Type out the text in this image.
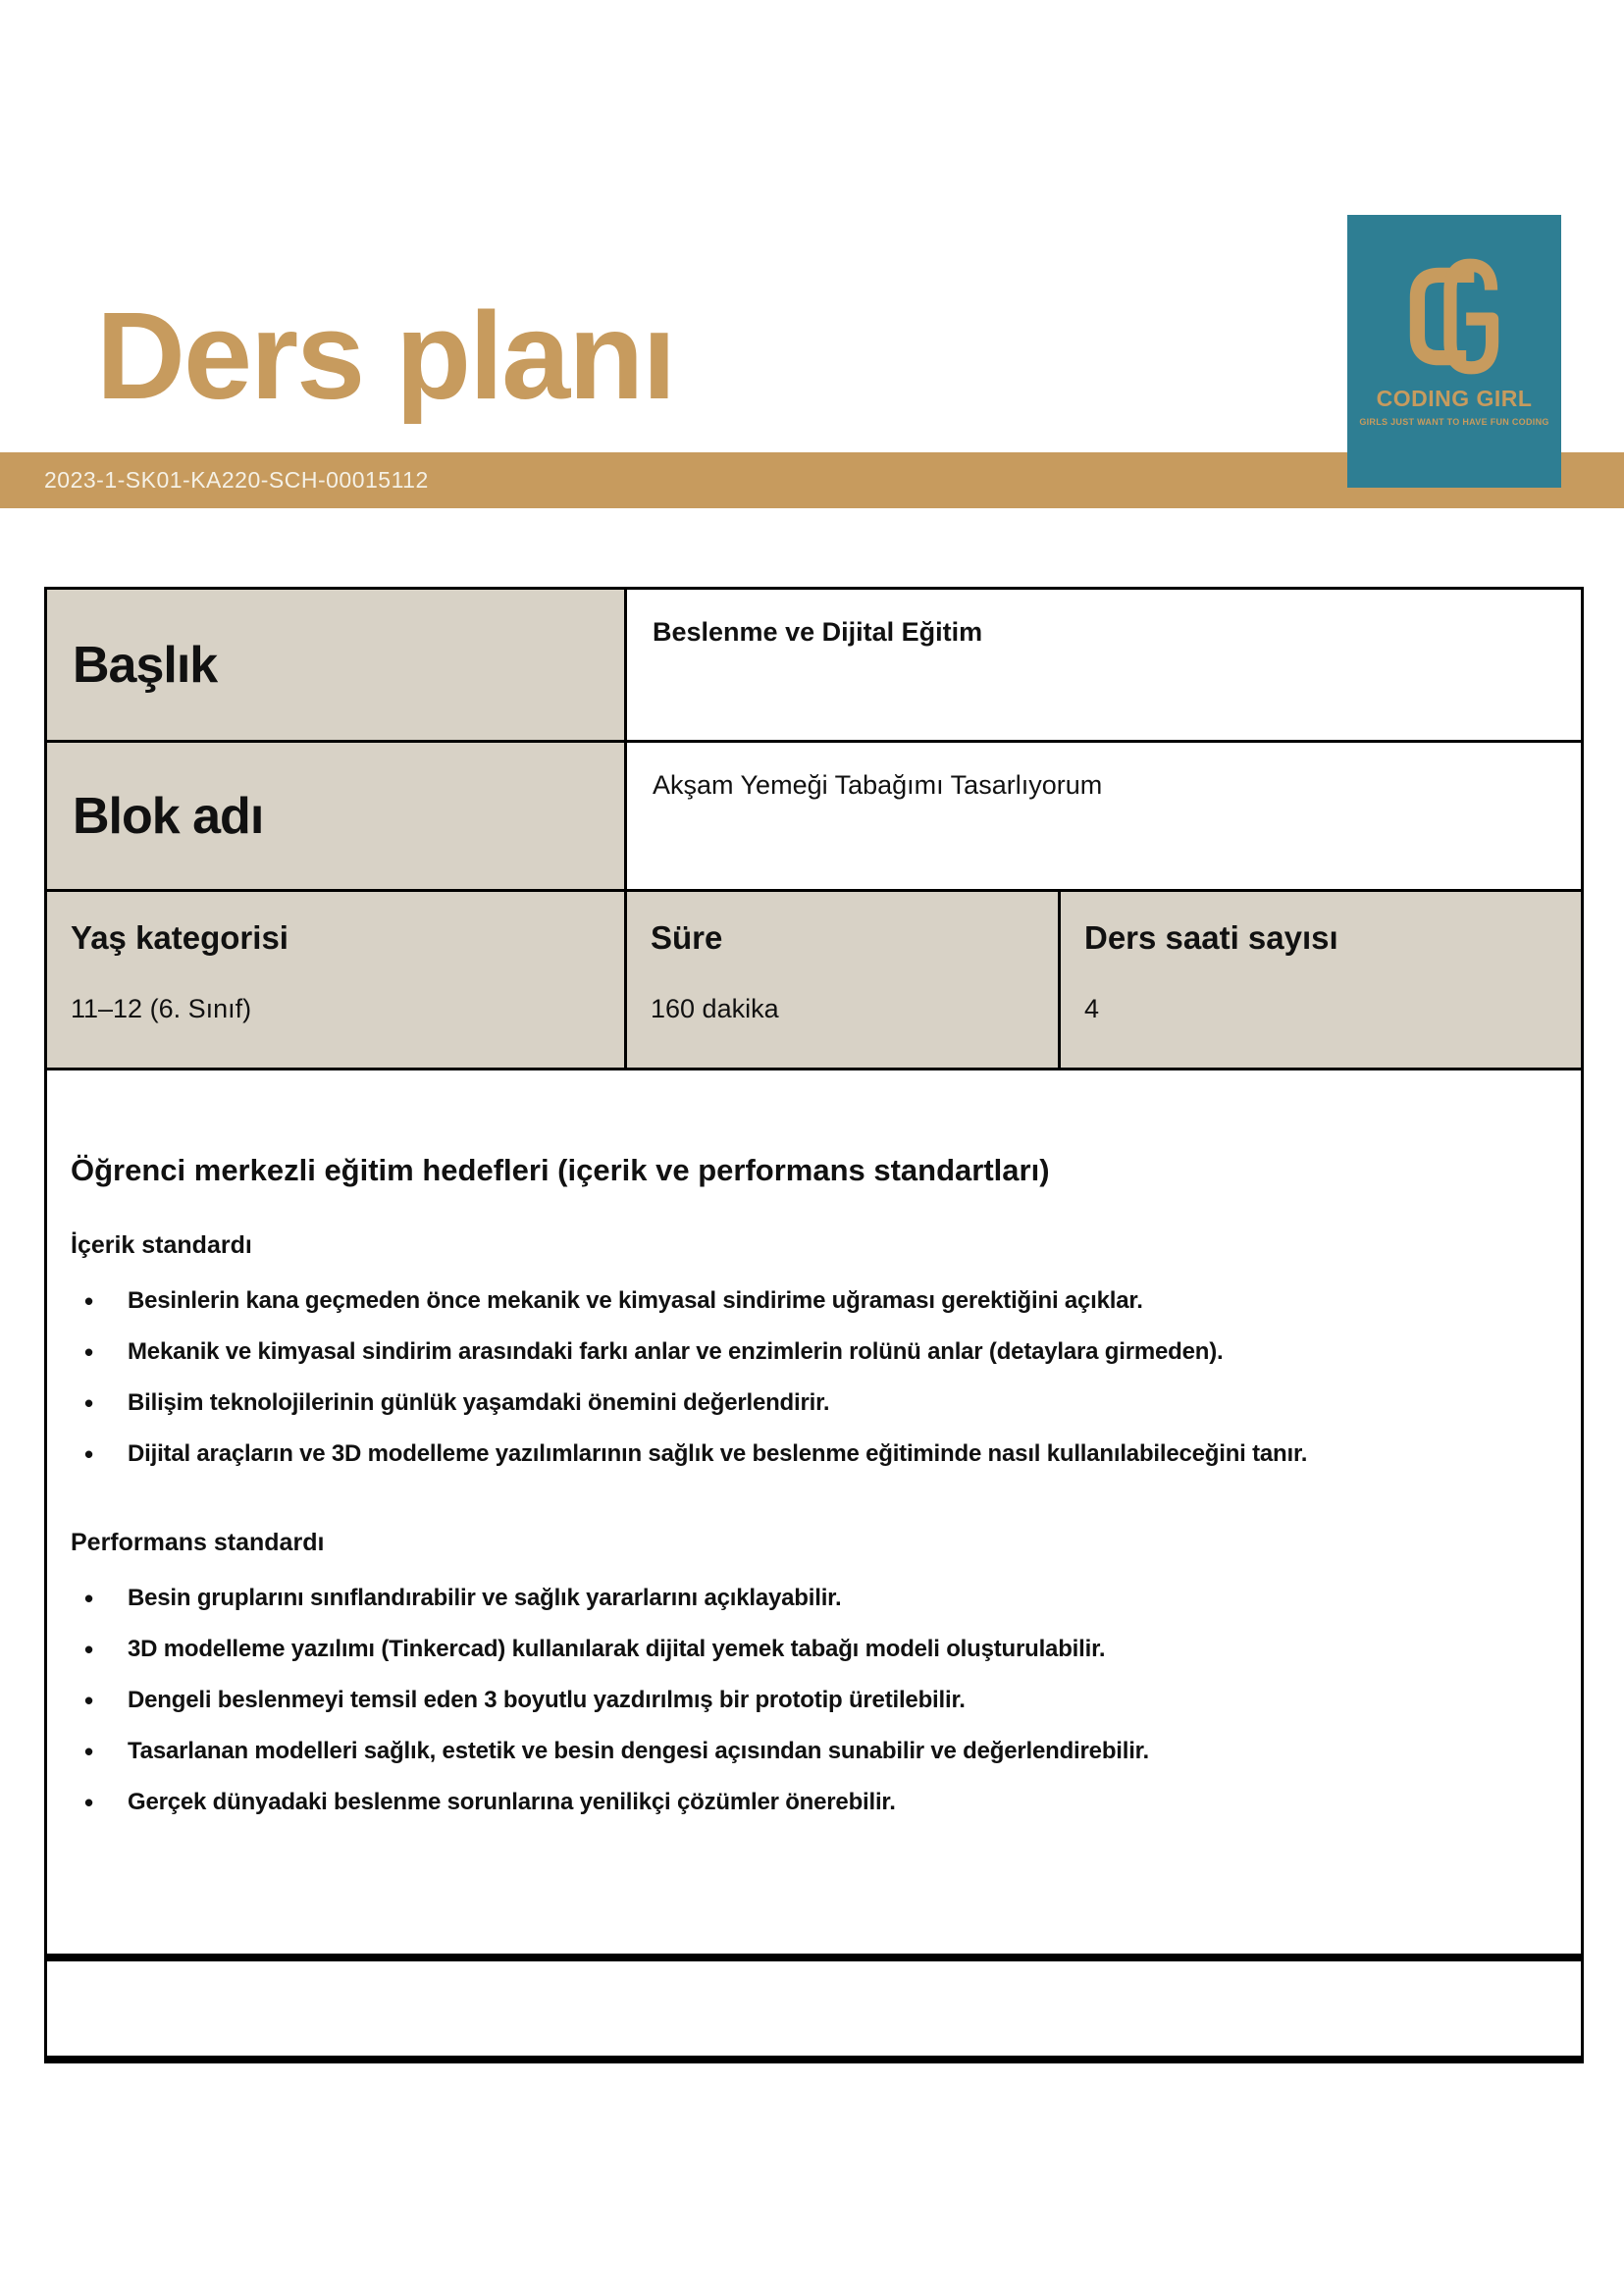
Ders planı
2023-1-SK01-KA220-SCH-00015112
CODING GIRL
GIRLS JUST WANT TO HAVE FUN CODING
Başlık
Beslenme ve Dijital Eğitim
Blok adı
Akşam Yemeği Tabağımı Tasarlıyorum

Yaş kategorisi

11–12 (6. Sınıf)

Süre

160 dakika

Ders saati sayısı

4

Öğrenci merkezli eğitim hedefleri (içerik ve performans standartları)
İçerik standardı
• Besinlerin kana geçmeden önce mekanik ve kimyasal sindirime uğraması gerektiğini açıklar.
• Mekanik ve kimyasal sindirim arasındaki farkı anlar ve enzimlerin rolünü anlar (detaylara girmeden).
• Bilişim teknolojilerinin günlük yaşamdaki önemini değerlendirir.
• Dijital araçların ve 3D modelleme yazılımlarının sağlık ve beslenme eğitiminde nasıl kullanılabileceğini tanır.
Performans standardı
• Besin gruplarını sınıflandırabilir ve sağlık yararlarını açıklayabilir.
• 3D modelleme yazılımı (Tinkercad) kullanılarak dijital yemek tabağı modeli oluşturulabilir.
• Dengeli beslenmeyi temsil eden 3 boyutlu yazdırılmış bir prototip üretilebilir.
• Tasarlanan modelleri sağlık, estetik ve besin dengesi açısından sunabilir ve değerlendirebilir.
• Gerçek dünyadaki beslenme sorunlarına yenilikçi çözümler önerebilir.
